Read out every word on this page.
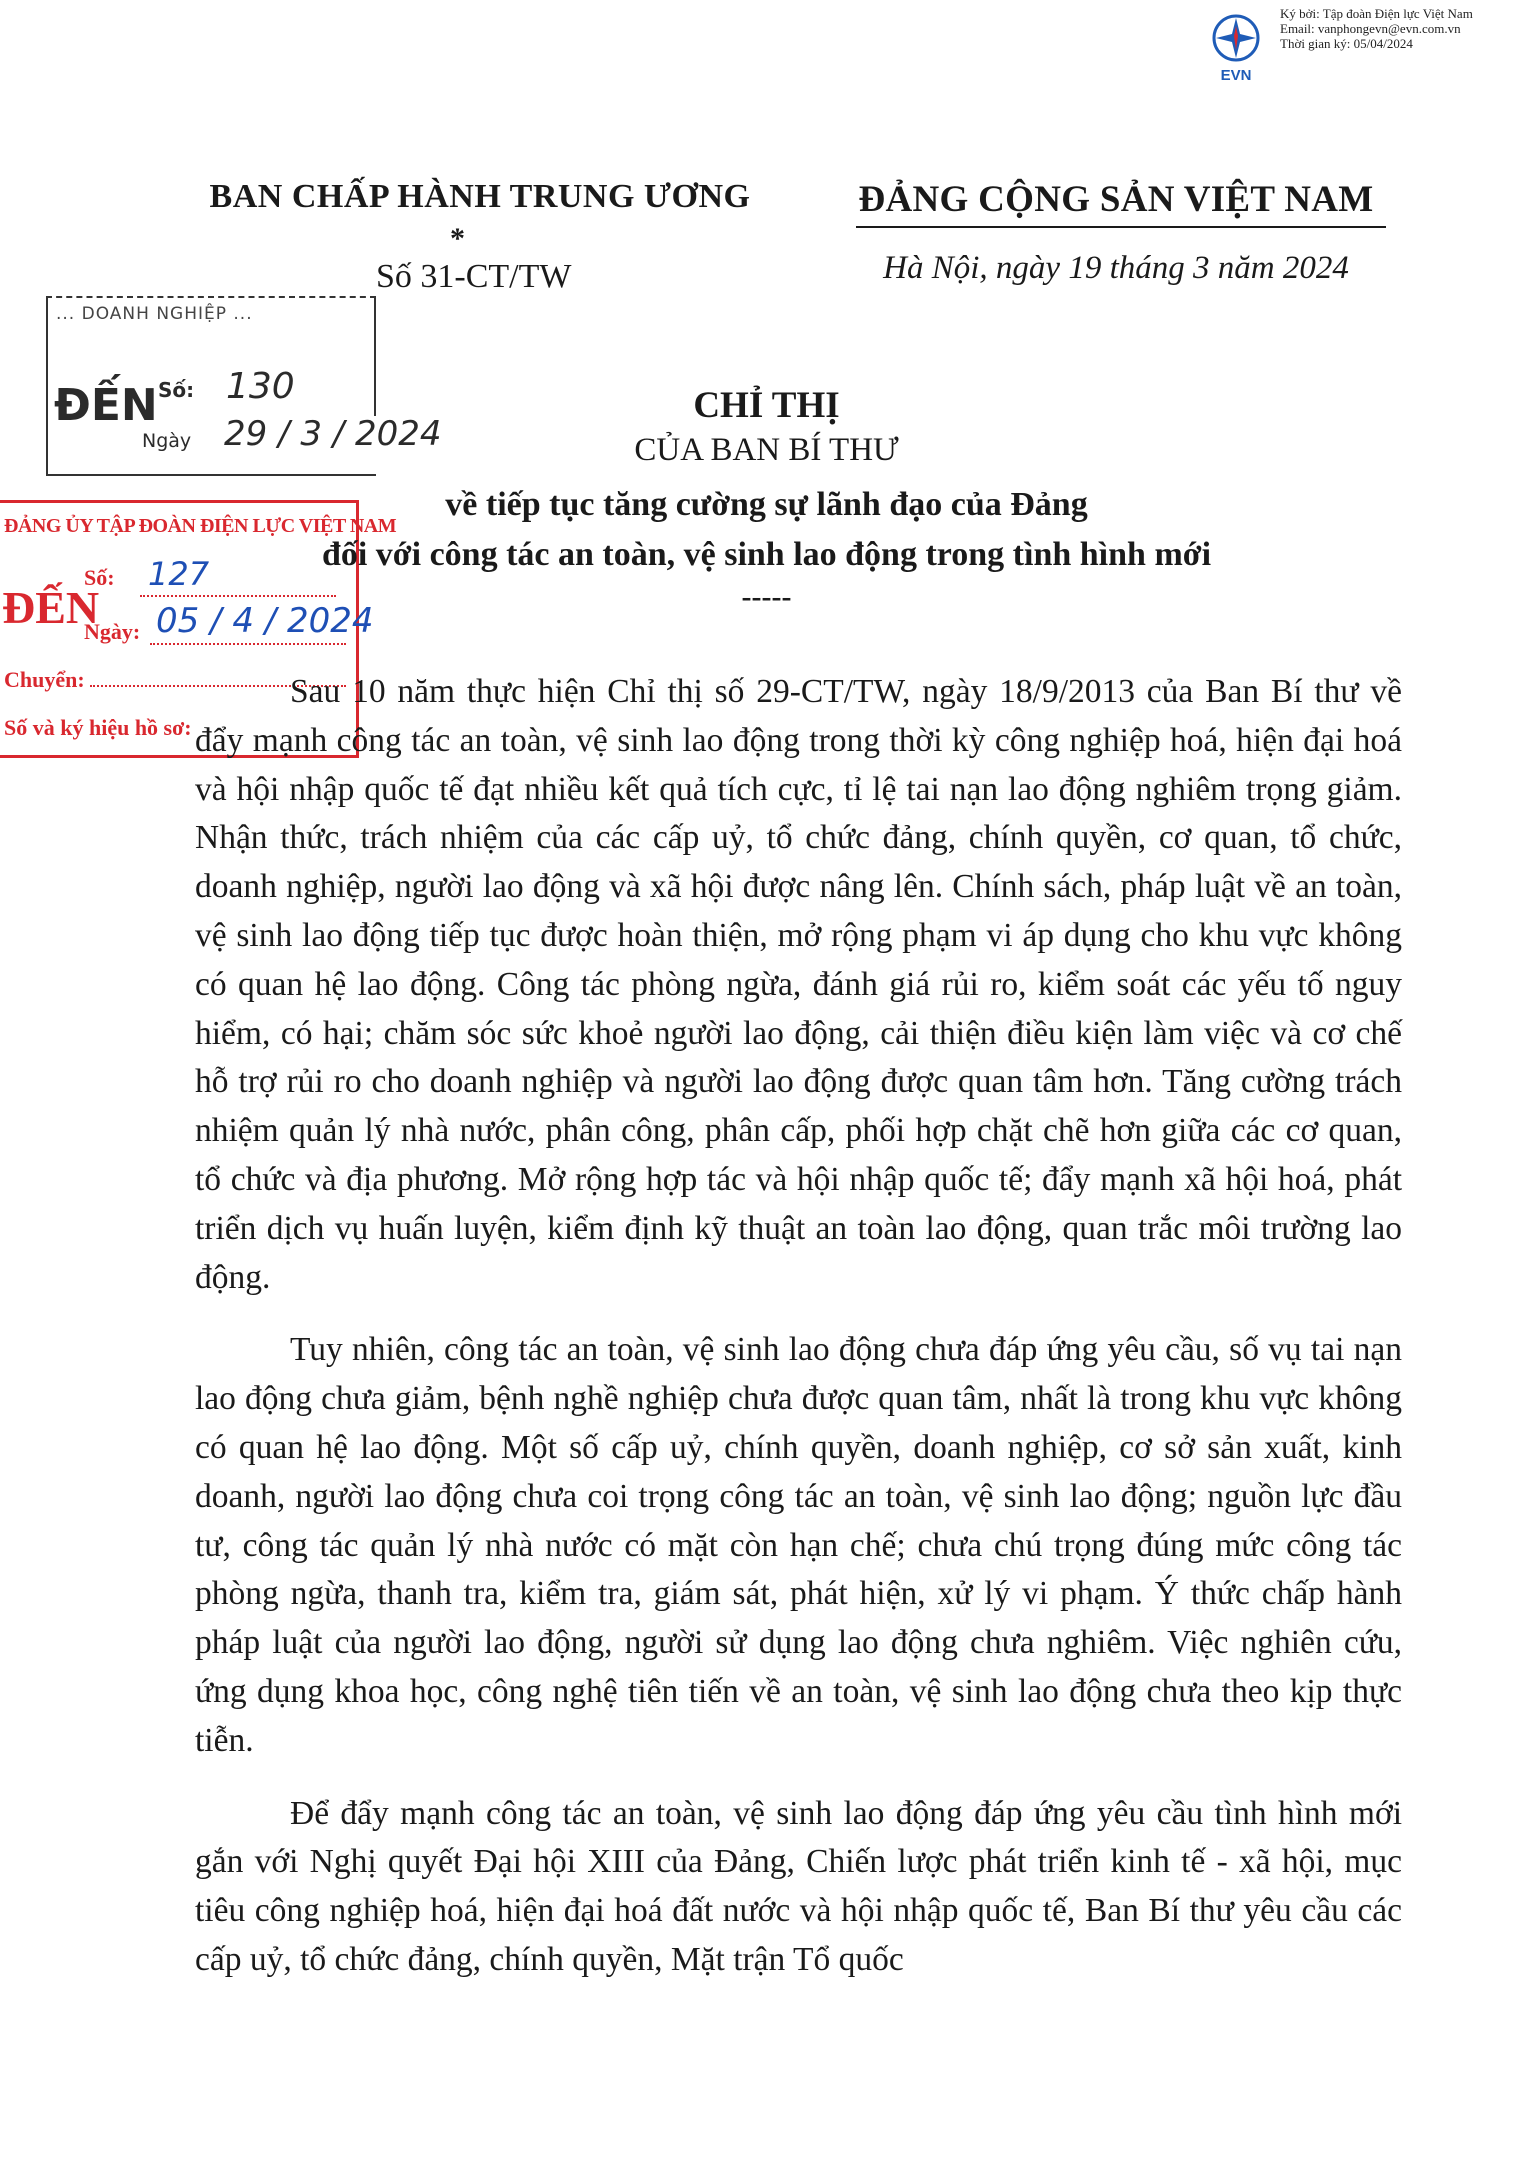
EVN
Ký bởi: Tập đoàn Điện lực Việt Nam
Email: vanphongevn@evn.com.vn
Thời gian ký: 05/04/2024
BAN CHẤP HÀNH TRUNG ƯƠNG
*
Số 31-CT/TW
ĐẢNG CỘNG SẢN VIỆT NAM
Hà Nội, ngày 19 tháng 3 năm 2024
... DOANH NGHIỆP ...
ĐẾN Số: 130
Ngày 29 / 3 / 2024
ĐẢNG ỦY TẬP ĐOÀN ĐIỆN LỰC VIỆT NAM
ĐẾN
Số: 127
Ngày: 05 / 4 / 2024
Chuyển:
Số và ký hiệu hồ sơ:
CHỈ THỊ
CỦA BAN BÍ THƯ
về tiếp tục tăng cường sự lãnh đạo của Đảng
đối với công tác an toàn, vệ sinh lao động trong tình hình mới
-----

Sau 10 năm thực hiện Chỉ thị số 29-CT/TW, ngày 18/9/2013 của Ban Bí thư về đẩy mạnh công tác an toàn, vệ sinh lao động trong thời kỳ công nghiệp hoá, hiện đại hoá và hội nhập quốc tế đạt nhiều kết quả tích cực, tỉ lệ tai nạn lao động nghiêm trọng giảm. Nhận thức, trách nhiệm của các cấp uỷ, tổ chức đảng, chính quyền, cơ quan, tổ chức, doanh nghiệp, người lao động và xã hội được nâng lên. Chính sách, pháp luật về an toàn, vệ sinh lao động tiếp tục được hoàn thiện, mở rộng phạm vi áp dụng cho khu vực không có quan hệ lao động. Công tác phòng ngừa, đánh giá rủi ro, kiểm soát các yếu tố nguy hiểm, có hại; chăm sóc sức khoẻ người lao động, cải thiện điều kiện làm việc và cơ chế hỗ trợ rủi ro cho doanh nghiệp và người lao động được quan tâm hơn. Tăng cường trách nhiệm quản lý nhà nước, phân công, phân cấp, phối hợp chặt chẽ hơn giữa các cơ quan, tổ chức và địa phương. Mở rộng hợp tác và hội nhập quốc tế; đẩy mạnh xã hội hoá, phát triển dịch vụ huấn luyện, kiểm định kỹ thuật an toàn lao động, quan trắc môi trường lao động.

Tuy nhiên, công tác an toàn, vệ sinh lao động chưa đáp ứng yêu cầu, số vụ tai nạn lao động chưa giảm, bệnh nghề nghiệp chưa được quan tâm, nhất là trong khu vực không có quan hệ lao động. Một số cấp uỷ, chính quyền, doanh nghiệp, cơ sở sản xuất, kinh doanh, người lao động chưa coi trọng công tác an toàn, vệ sinh lao động; nguồn lực đầu tư, công tác quản lý nhà nước có mặt còn hạn chế; chưa chú trọng đúng mức công tác phòng ngừa, thanh tra, kiểm tra, giám sát, phát hiện, xử lý vi phạm. Ý thức chấp hành pháp luật của người lao động, người sử dụng lao động chưa nghiêm. Việc nghiên cứu, ứng dụng khoa học, công nghệ tiên tiến về an toàn, vệ sinh lao động chưa theo kịp thực tiễn.

Để đẩy mạnh công tác an toàn, vệ sinh lao động đáp ứng yêu cầu tình hình mới gắn với Nghị quyết Đại hội XIII của Đảng, Chiến lược phát triển kinh tế - xã hội, mục tiêu công nghiệp hoá, hiện đại hoá đất nước và hội nhập quốc tế, Ban Bí thư yêu cầu các cấp uỷ, tổ chức đảng, chính quyền, Mặt trận Tổ quốc
